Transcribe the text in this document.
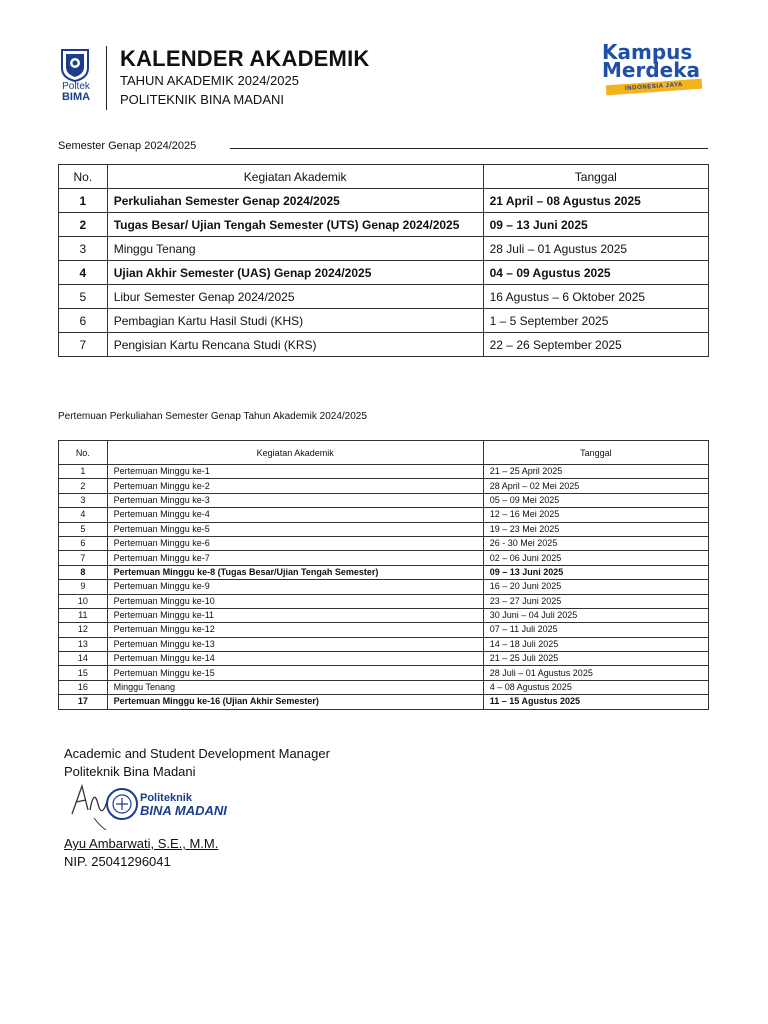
Poltek
BIMA
KALENDER AKADEMIK
TAHUN AKADEMIK 2024/2025
POLITEKNIK BINA MADANI
Kampus
Merdeka
INDONESIA JAYA
Semester Genap 2024/2025
No.	Kegiatan Akademik	Tanggal
1	Perkuliahan Semester Genap 2024/2025	21 April – 08 Agustus 2025
2	Tugas Besar/ Ujian Tengah Semester (UTS) Genap 2024/2025	09 – 13 Juni 2025
3	Minggu Tenang	28 Juli – 01 Agustus 2025
4	Ujian Akhir Semester (UAS) Genap 2024/2025	04 – 09 Agustus 2025
5	Libur Semester Genap 2024/2025	16 Agustus – 6 Oktober 2025
6	Pembagian Kartu Hasil Studi (KHS)	1 – 5 September 2025
7	Pengisian Kartu Rencana Studi (KRS)	22 – 26 September 2025
Pertemuan Perkuliahan Semester Genap Tahun Akademik 2024/2025
No.	Kegiatan Akademik	Tanggal
1	Pertemuan Minggu ke-1	21 – 25 April 2025
2	Pertemuan Minggu ke-2	28 April – 02 Mei 2025
3	Pertemuan Minggu ke-3	05 – 09 Mei 2025
4	Pertemuan Minggu ke-4	12 – 16 Mei 2025
5	Pertemuan Minggu ke-5	19 – 23 Mei 2025
6	Pertemuan Minggu ke-6	26 - 30 Mei 2025
7	Pertemuan Minggu ke-7	02 – 06 Juni 2025
8	Pertemuan Minggu ke-8 (Tugas Besar/Ujian Tengah Semester)	09 – 13 Juni 2025
9	Pertemuan Minggu ke-9	16 – 20 Juni 2025
10	Pertemuan Minggu ke-10	23 – 27 Juni 2025
11	Pertemuan Minggu ke-11	30 Juni – 04 Juli 2025
12	Pertemuan Minggu ke-12	07 – 11 Juli 2025
13	Pertemuan Minggu ke-13	14 – 18 Juli 2025
14	Pertemuan Minggu ke-14	21 – 25 Juli 2025
15	Pertemuan Minggu ke-15	28 Juli – 01 Agustus 2025
16	Minggu Tenang	4 – 08 Agustus 2025
17	Pertemuan Minggu ke-16 (Ujian Akhir Semester)	11 – 15 Agustus 2025
Academic and Student Development Manager
Politeknik Bina Madani
Politeknik
BINA MADANI
Ayu Ambarwati, S.E., M.M.
NIP. 25041296041
